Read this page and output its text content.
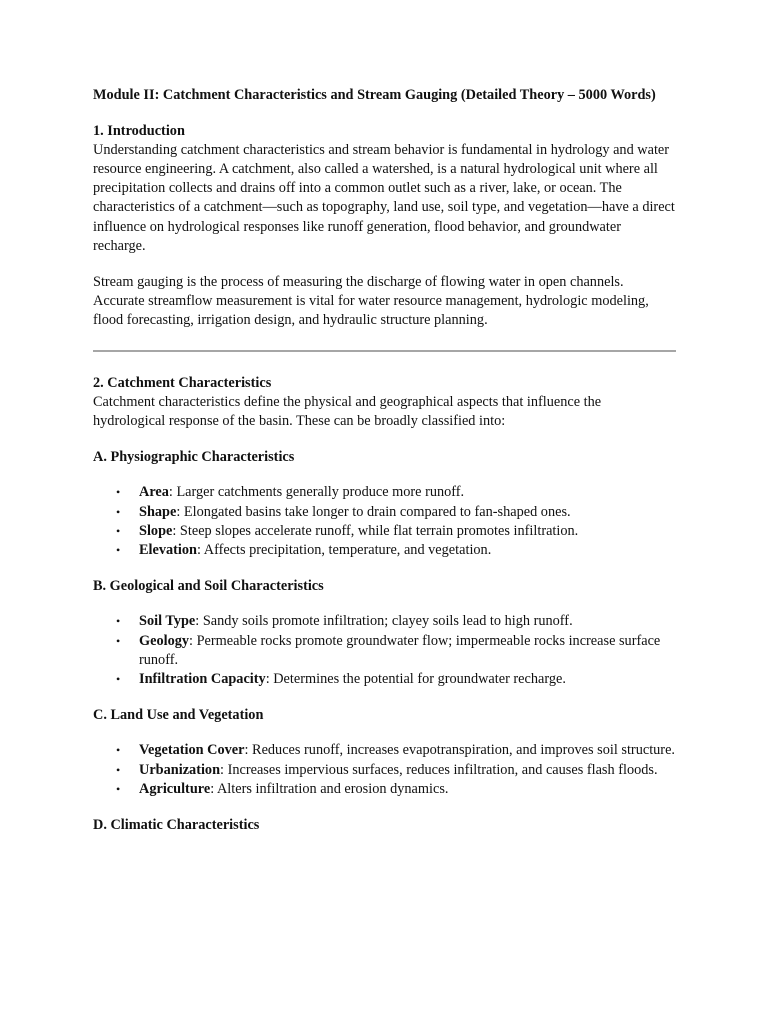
Module II: Catchment Characteristics and Stream Gauging (Detailed Theory – 5000 Words)

1. Introduction

Understanding catchment characteristics and stream behavior is fundamental in hydrology and water resource engineering. A catchment, also called a watershed, is a natural hydrological unit where all precipitation collects and drains off into a common outlet such as a river, lake, or ocean. The characteristics of a catchment—such as topography, land use, soil type, and vegetation—have a direct influence on hydrological responses like runoff generation, flood behavior, and groundwater recharge.

Stream gauging is the process of measuring the discharge of flowing water in open channels. Accurate streamflow measurement is vital for water resource management, hydrologic modeling, flood forecasting, irrigation design, and hydraulic structure planning.

2. Catchment Characteristics

Catchment characteristics define the physical and geographical aspects that influence the hydrological response of the basin. These can be broadly classified into:

A. Physiographic Characteristics

• Area: Larger catchments generally produce more runoff.
• Shape: Elongated basins take longer to drain compared to fan-shaped ones.
• Slope: Steep slopes accelerate runoff, while flat terrain promotes infiltration.
• Elevation: Affects precipitation, temperature, and vegetation.

B. Geological and Soil Characteristics

• Soil Type: Sandy soils promote infiltration; clayey soils lead to high runoff.
• Geology: Permeable rocks promote groundwater flow; impermeable rocks increase surface runoff.
• Infiltration Capacity: Determines the potential for groundwater recharge.

C. Land Use and Vegetation

• Vegetation Cover: Reduces runoff, increases evapotranspiration, and improves soil structure.
• Urbanization: Increases impervious surfaces, reduces infiltration, and causes flash floods.
• Agriculture: Alters infiltration and erosion dynamics.

D. Climatic Characteristics
